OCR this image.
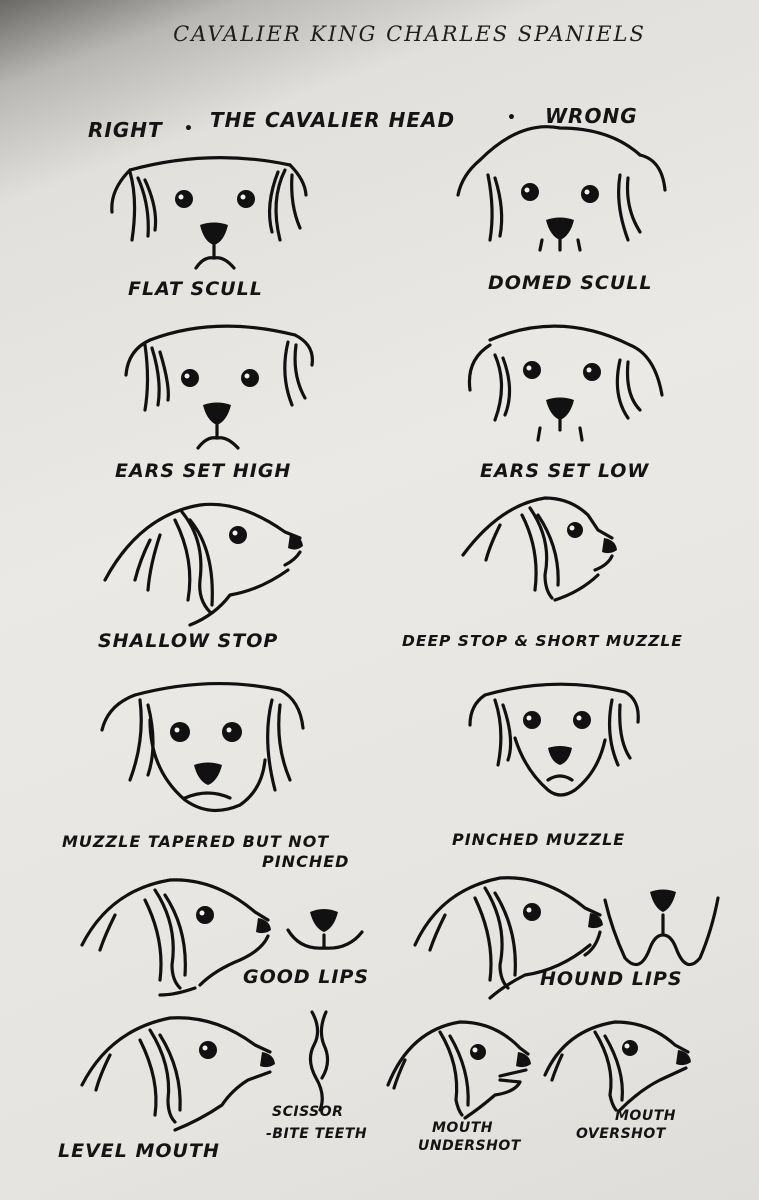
CAVALIER KING CHARLES SPANIELS
RIGHT • THE CAVALIER HEAD	• WRONG
FLAT SCULL	DOMED SCULL
EARS SET HIGH	EARS SET LOW
SHALLOW STOP	DEEP STOP & SHORT MUZZLE
MUZZLE TAPERED BUT NOT
PINCHED
PINCHED MUZZLE
GOOD LIPS	HOUND LIPS
LEVEL MOUTH
SCISSOR
-BITE TEETH	MOUTH
UNDERSHOT
MOUTH
OVERSHOT
